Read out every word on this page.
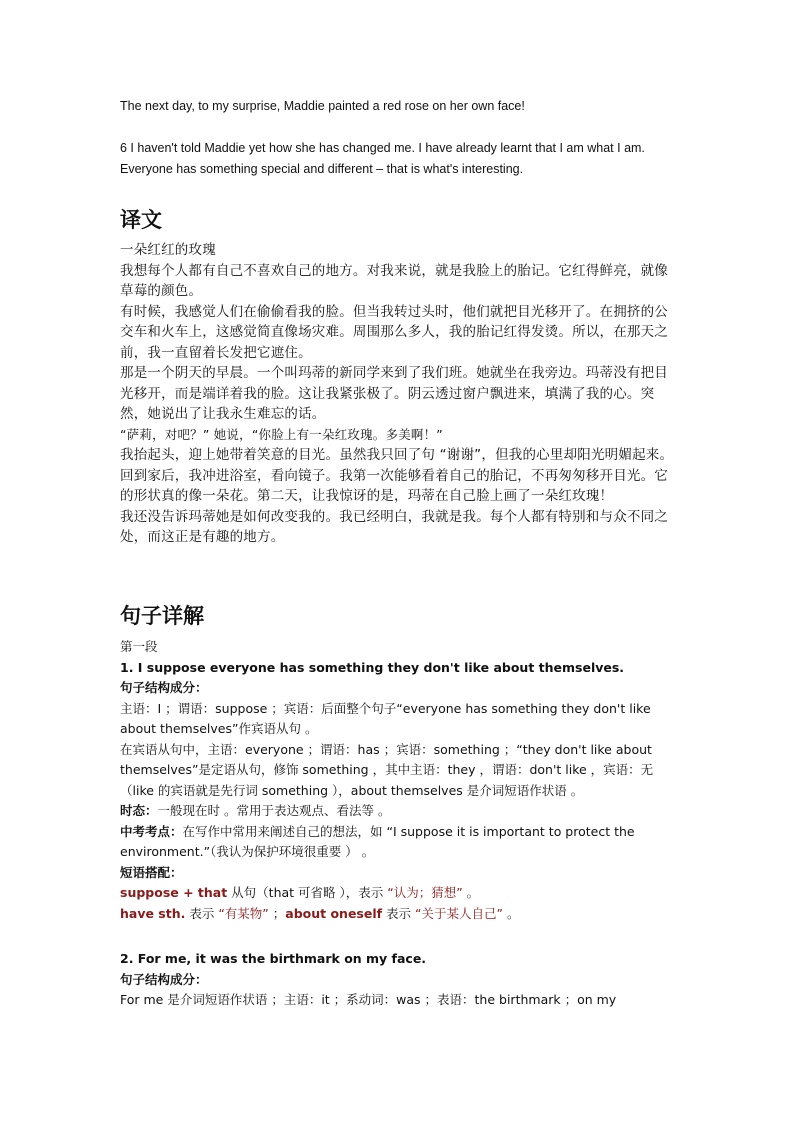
The next day, to my surprise, Maddie painted a red rose on her own face!

6 I haven't told Maddie yet how she has changed me. I have already learnt that I am what I am. Everyone has something special and different – that is what's interesting.

译文

一朵红红的玫瑰

我想每个人都有自己不喜欢自己的地方。对我来说，就是我脸上的胎记。它红得鲜亮，就像草莓的颜色。

有时候，我感觉人们在偷偷看我的脸。但当我转过头时，他们就把目光移开了。在拥挤的公交车和火车上，这感觉简直像场灾难。周围那么多人，我的胎记红得发烫。所以，在那天之前，我一直留着长发把它遮住。

那是一个阴天的早晨。一个叫玛蒂的新同学来到了我们班。她就坐在我旁边。玛蒂没有把目光移开，而是端详着我的脸。这让我紧张极了。阴云透过窗户飘进来，填满了我的心。突然，她说出了让我永生难忘的话。

“萨莉，对吧？” 她说，“你脸上有一朵红玫瑰。多美啊！”

我抬起头，迎上她带着笑意的目光。虽然我只回了句 “谢谢”，但我的心里却阳光明媚起来。回到家后，我冲进浴室，看向镜子。我第一次能够看着自己的胎记，不再匆匆移开目光。它的形状真的像一朵花。第二天，让我惊讶的是，玛蒂在自己脸上画了一朵红玫瑰！

我还没告诉玛蒂她是如何改变我的。我已经明白，我就是我。每个人都有特别和与众不同之处，而这正是有趣的地方。

句子详解

第一段

1. I suppose everyone has something they don't like about themselves.

句子结构成分：

主语：I ；谓语：suppose ；宾语：后面整个句子“everyone has something they don't like about themselves”作宾语从句 。

在宾语从句中，主语：everyone ；谓语：has ；宾语：something ；“they don't like about themselves”是定语从句，修饰 something ，其中主语：they ，谓语：don't like ，宾语：无（like 的宾语就是先行词 something ），about themselves 是介词短语作状语 。

时态：一般现在时 。常用于表达观点、看法等 。

中考考点：在写作中常用来阐述自己的想法，如 “I suppose it is important to protect the environment.”（我认为保护环境很重要 ） 。

短语搭配：

suppose + that 从句（that 可省略 ），表示 “认为；猜想” 。

have sth. 表示 “有某物” ；about oneself 表示 “关于某人自己” 。

2. For me, it was the birthmark on my face.

句子结构成分：

For me 是介词短语作状语 ；主语：it ；系动词：was ；表语：the birthmark ；on my
